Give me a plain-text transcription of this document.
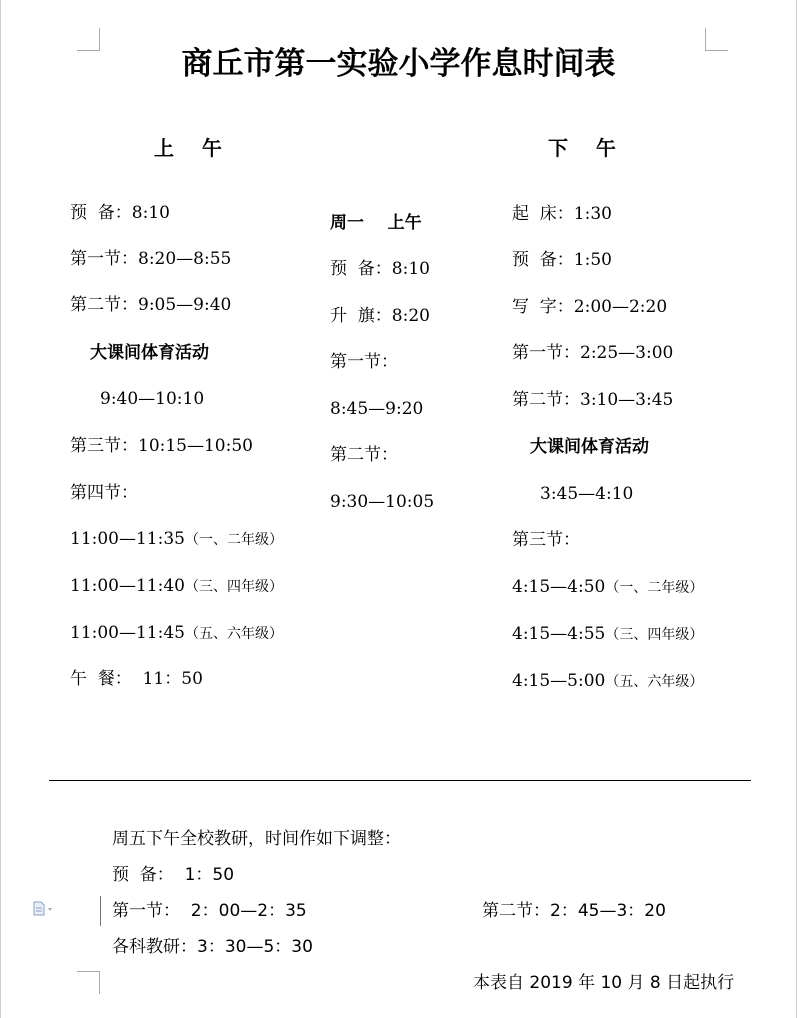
商丘市第一实验小学作息时间表
上    午
预  备：8:10
第一节：8:20—8:55
第二节：9:05—9:40
大课间体育活动
9:40—10:10
第三节：10:15—10:50
第四节：
11:00—11:35（一、二年级）
11:00—11:40（三、四年级）
11:00—11:45（五、六年级）
午  餐：  11：50
周一    上午
预  备：8:10
升  旗：8:20
第一节：
8:45—9:20
第二节：
9:30—10:05
下    午
起  床：1:30
预  备：1:50
写  字：2:00—2:20
第一节：2:25—3:00
第二节：3:10—3:45
大课间体育活动
3:45—4:10
第三节：
4:15—4:50（一、二年级）
4:15—4:55（三、四年级）
4:15—5:00（五、六年级）
周五下午全校教研，时间作如下调整：
预  备：  1：50
第一节：  2：00—2：35	第二节：2：45—3：20
各科教研：3：30—5：30
本表自 2019 年 10 月 8 日起执行
